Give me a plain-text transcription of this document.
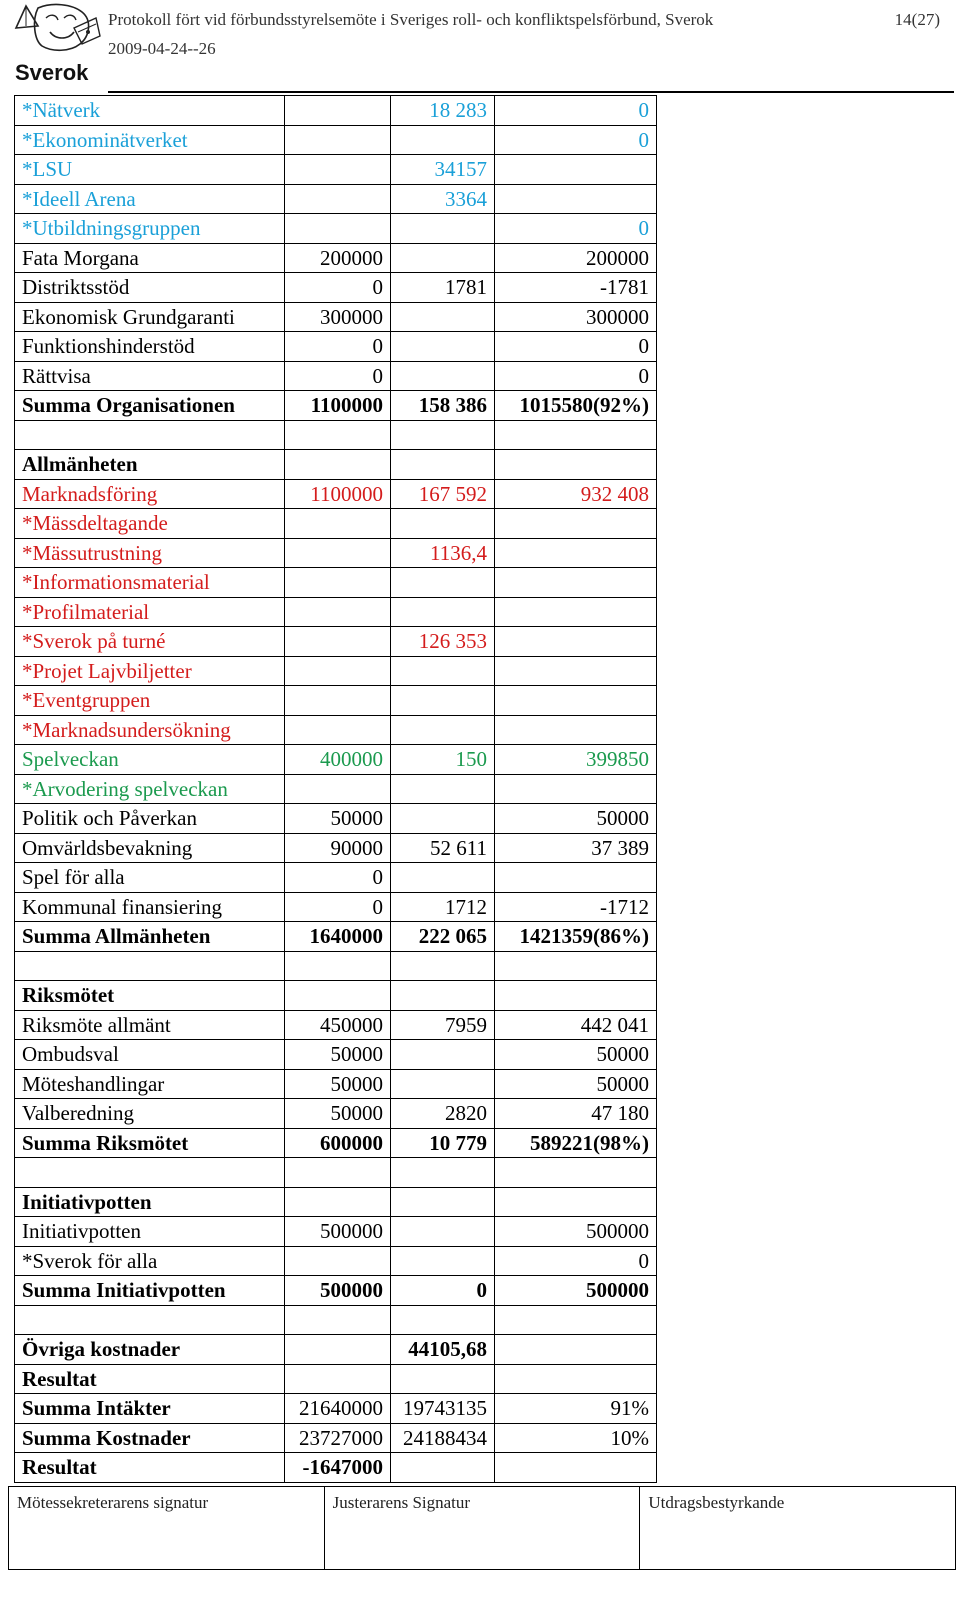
Sverok
Protokoll fört vid förbundsstyrelsemöte i Sveriges roll- och konfliktspelsförbund, Sverok
2009-04-24--26
14(27)
*Nätverk		18 283	0
*Ekonominätverket			0
*LSU		34157	
*Ideell Arena		3364	
*Utbildningsgruppen			0
Fata Morgana	200000		200000
Distriktsstöd	0	1781	-1781
Ekonomisk Grundgaranti	300000		300000
Funktionshinderstöd	0		0
Rättvisa	0		0
Summa Organisationen	1100000	158 386	1015580(92%)

Allmänheten			
Marknadsföring	1100000	167 592	932 408
*Mässdeltagande			
*Mässutrustning		1136,4	
*Informationsmaterial			
*Profilmaterial			
*Sverok på turné		126 353	
*Projet Lajvbiljetter			
*Eventgruppen			
*Marknadsundersökning			
Spelveckan	400000	150	399850
*Arvodering spelveckan			
Politik och Påverkan	50000		50000
Omvärldsbevakning	90000	52 611	37 389
Spel för alla	0		
Kommunal finansiering	0	1712	-1712
Summa Allmänheten	1640000	222 065	1421359(86%)

Riksmötet			
Riksmöte allmänt	450000	7959	442 041
Ombudsval	50000		50000
Möteshandlingar	50000		50000
Valberedning	50000	2820	47 180
Summa Riksmötet	600000	10 779	589221(98%)

Initiativpotten			
Initiativpotten	500000		500000
*Sverok för alla			0
Summa Initiativpotten	500000	0	500000

Övriga kostnader		44105,68	
Resultat			
Summa Intäkter	21640000	19743135	91%
Summa Kostnader	23727000	24188434	10%
Resultat	-1647000		
Mötessekreterarens signatur	Justerarens Signatur	Utdragsbestyrkande
